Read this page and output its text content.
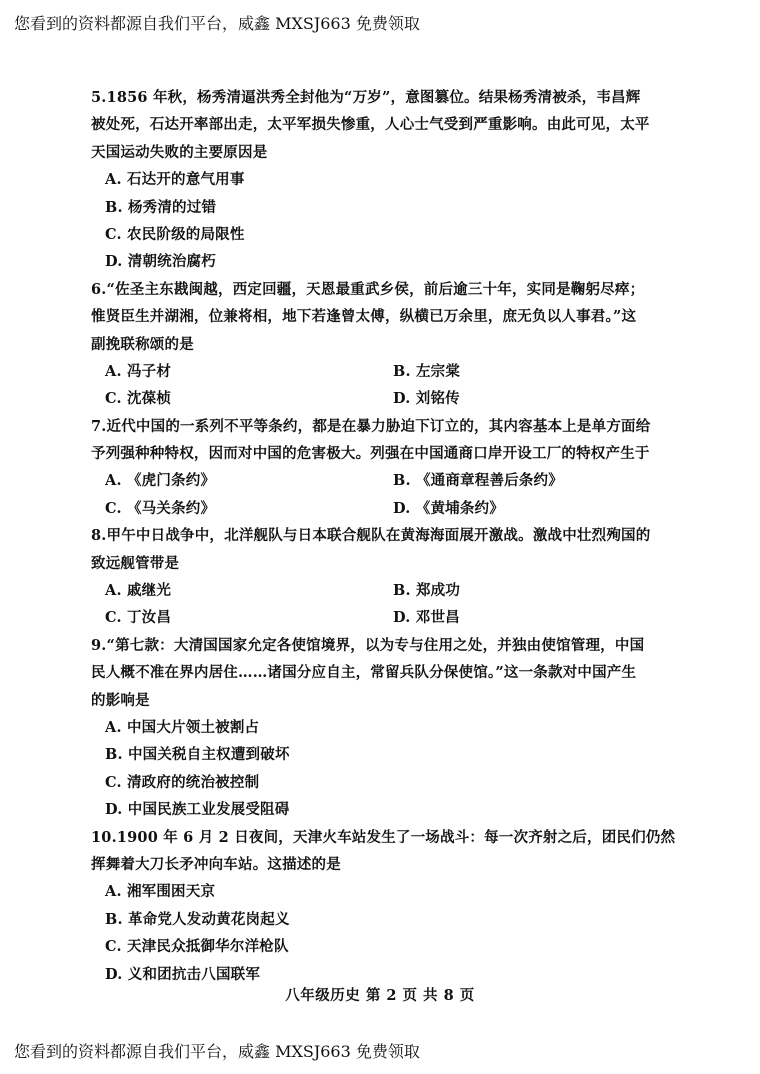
您看到的资料都源自我们平台，威鑫 MXSJ663 免费领取
5.1856 年秋，杨秀清逼洪秀全封他为“万岁”，意图篡位。结果杨秀清被杀，韦昌辉
被处死，石达开率部出走，太平军损失惨重，人心士气受到严重影响。由此可见，太平
天国运动失败的主要原因是
A. 石达开的意气用事
B. 杨秀清的过错
C. 农民阶级的局限性
D. 清朝统治腐朽
6.“佐圣主东戡闽越，西定回疆，天恩最重武乡侯，前后逾三十年，实同是鞠躬尽瘁；
惟贤臣生并湖湘，位兼将相，地下若逢曾太傅，纵横已万余里，庶无负以人事君。”这
副挽联称颂的是
A. 冯子材	B. 左宗棠
C. 沈葆桢	D. 刘铭传
7.近代中国的一系列不平等条约，都是在暴力胁迫下订立的，其内容基本上是单方面给
予列强种种特权，因而对中国的危害极大。列强在中国通商口岸开设工厂的特权产生于
A. 《虎门条约》	B. 《通商章程善后条约》
C. 《马关条约》	D. 《黄埔条约》
8.甲午中日战争中，北洋舰队与日本联合舰队在黄海海面展开激战。激战中壮烈殉国的
致远舰管带是
A. 戚继光	B. 郑成功
C. 丁汝昌	D. 邓世昌
9.“第七款：大清国国家允定各使馆境界，以为专与住用之处，并独由使馆管理，中国
民人概不准在界内居住……诸国分应自主，常留兵队分保使馆。”这一条款对中国产生
的影响是
A. 中国大片领土被割占
B. 中国关税自主权遭到破坏
C. 清政府的统治被控制
D. 中国民族工业发展受阻碍
10.1900 年 6 月 2 日夜间，天津火车站发生了一场战斗：每一次齐射之后，团民们仍然
挥舞着大刀长矛冲向车站。这描述的是
A. 湘军围困天京
B. 革命党人发动黄花岗起义
C. 天津民众抵御华尔洋枪队
D. 义和团抗击八国联军
八年级历史 第 2 页 共 8 页
您看到的资料都源自我们平台，威鑫 MXSJ663 免费领取
